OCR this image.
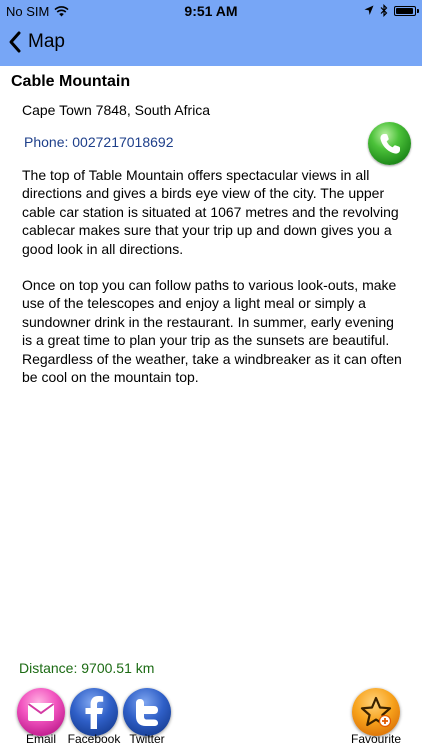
No SIM	9:51 AM
Map
Cable Mountain
Cape Town 7848, South Africa
Phone: 0027217018692

The top of Table Mountain offers spectacular views in all directions and gives a birds eye view of the city. The upper cable car station is situated at 1067 metres and the revolving cablecar makes sure that your trip up and down gives you a good look in all directions.

Once on top you can follow paths to various look-outs, make use of the telescopes and enjoy a light meal or simply a sundowner drink in the restaurant. In summer, early evening is a great time to plan your trip as the sunsets are beautiful. Regardless of the weather, take a windbreaker as it can often be cool on the mountain top.

Distance: 9700.51 km
Email Facebook Twitter	Favourite
